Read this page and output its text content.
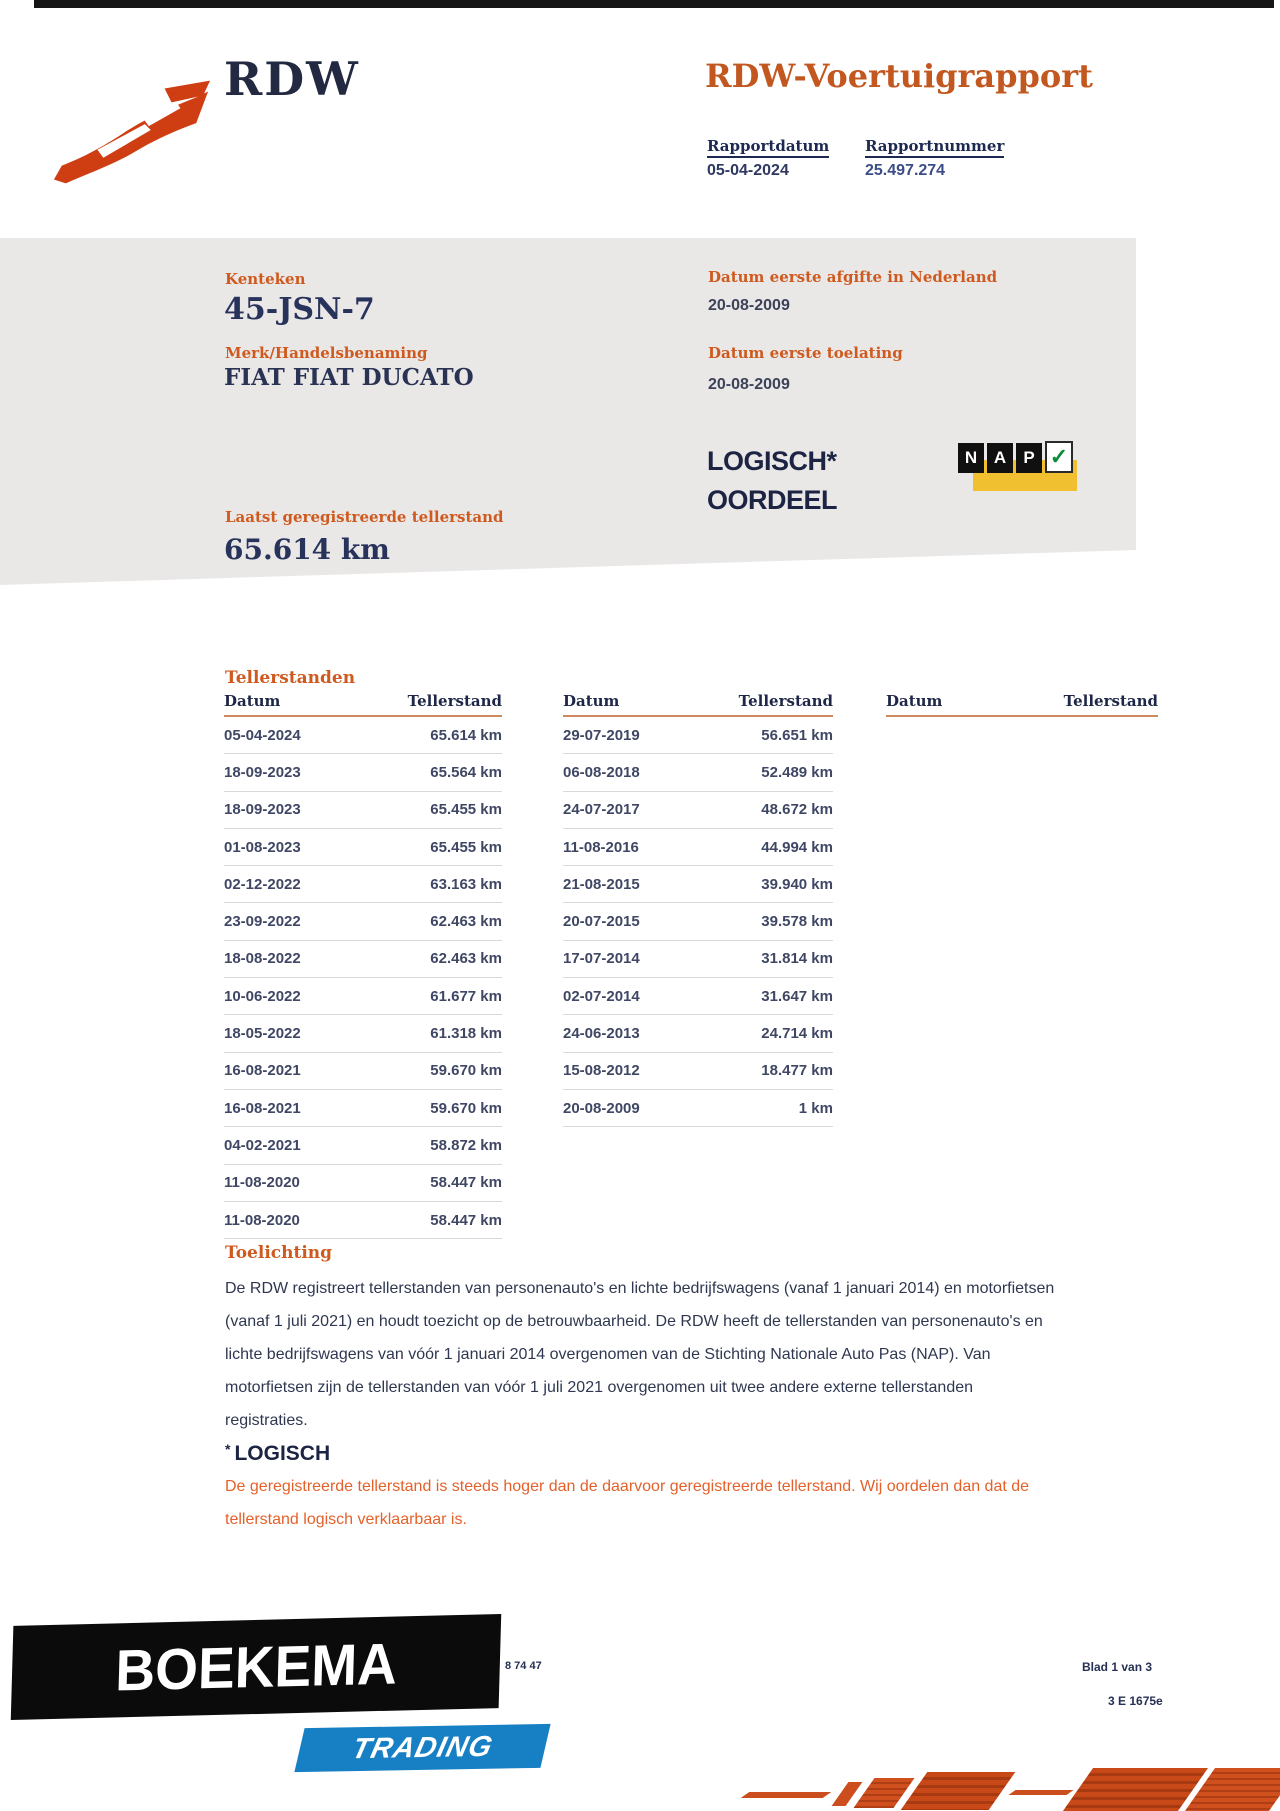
RDW	RDW-Voertuigrapport
Rapportdatum Rapportnummer
05-04-2024	25.497.274
Kenteken
45-JSN-7
Merk/Handelsbenaming
FIAT FIAT DUCATO
Datum eerste afgifte in Nederland
20-08-2009
Datum eerste toelating
20-08-2009
LOGISCH*
OORDEEL
N A	P ✓
Laatst geregistreerde tellerstand
65.614 km
Tellerstanden
Datum	Tellerstand
05-04-2024	65.614 km
18-09-2023	65.564 km
18-09-2023	65.455 km
01-08-2023	65.455 km
02-12-2022	63.163 km
23-09-2022	62.463 km
18-08-2022	62.463 km
10-06-2022	61.677 km
18-05-2022	61.318 km
16-08-2021	59.670 km
16-08-2021	59.670 km
04-02-2021	58.872 km
11-08-2020	58.447 km
11-08-2020	58.447 km
Datum	Tellerstand
29-07-2019	56.651 km
06-08-2018	52.489 km
24-07-2017	48.672 km
11-08-2016	44.994 km
21-08-2015	39.940 km
20-07-2015	39.578 km
17-07-2014	31.814 km
02-07-2014	31.647 km
24-06-2013	24.714 km
15-08-2012	18.477 km
20-08-2009	1 km
Datum	Tellerstand
Toelichting
De RDW registreert tellerstanden van personenauto's en lichte bedrijfswagens (vanaf 1 januari 2014) en motorfietsen (vanaf 1 juli 2021) en houdt toezicht op de betrouwbaarheid. De RDW heeft de tellerstanden van personenauto's en lichte bedrijfswagens van vóór 1 januari 2014 overgenomen van de Stichting Nationale Auto Pas (NAP). Van motorfietsen zijn de tellerstanden van vóór 1 juli 2021 overgenomen uit twee andere externe tellerstanden registraties.
* LOGISCH
De geregistreerde tellerstand is steeds hoger dan de daarvoor geregistreerde tellerstand. Wij oordelen dan dat de tellerstand logisch verklaarbaar is.
8 74 47	Blad 1 van 3
3 E 1675e
BOEKEMA
TRADING
